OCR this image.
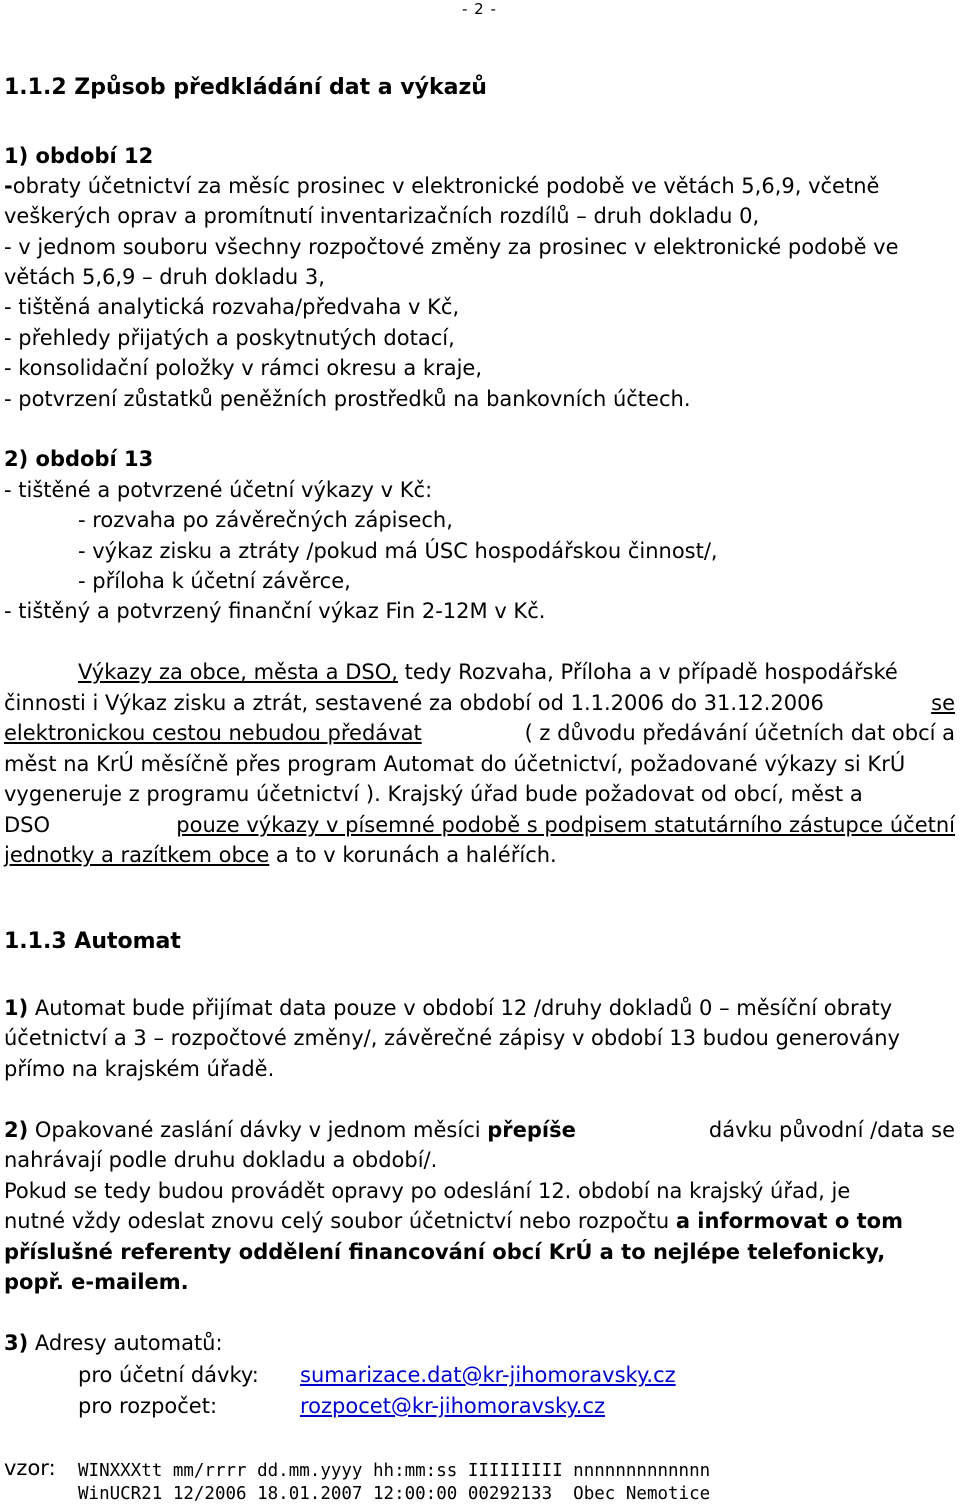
- 2 -
1.1.2 Způsob předkládání dat a výkazů
1) období 12
-obraty účetnictví za měsíc prosinec v elektronické podobě ve větách 5,6,9, včetně
veškerých oprav a promítnutí inventarizačních rozdílů – druh dokladu 0,
- v jednom souboru všechny rozpočtové změny za prosinec v elektronické podobě ve
větách 5,6,9 – druh dokladu 3,
- tištěná analytická rozvaha/předvaha v Kč,
- přehledy přijatých a poskytnutých dotací,
- konsolidační položky v rámci okresu a kraje,
- potvrzení zůstatků peněžních prostředků na bankovních účtech.
2) období 13
- tištěné a potvrzené účetní výkazy v Kč:
- rozvaha po závěrečných zápisech,
- výkaz zisku a ztráty /pokud má ÚSC hospodářskou činnost/,
- příloha k účetní závěrce,
- tištěný a potvrzený finanční výkaz Fin 2-12M v Kč.
Výkazy za obce, města a DSO, tedy Rozvaha, Příloha a v případě hospodářské
činnosti i Výkaz zisku a ztrát, sestavené za období od 1.1.2006 do 31.12.2006	se
elektronickou cestou nebudou předávat	( z důvodu předávání účetních dat obcí a
měst na KrÚ měsíčně přes program Automat do účetnictví, požadované výkazy si KrÚ
vygeneruje z programu účetnictví ). Krajský úřad bude požadovat od obcí, měst a
DSO	pouze výkazy v písemné podobě s podpisem statutárního zástupce účetní
jednotky a razítkem obce a to v korunách a haléřích.
1.1.3 Automat
1) Automat bude přijímat data pouze v období 12 /druhy dokladů 0 – měsíční obraty
účetnictví a 3 – rozpočtové změny/, závěrečné zápisy v období 13 budou generovány
přímo na krajském úřadě.
2) Opakované zaslání dávky v jednom měsíci přepíše	dávku původní /data se
nahrávají podle druhu dokladu a období/.
Pokud se tedy budou provádět opravy po odeslání 12. období na krajský úřad, je
nutné vždy odeslat znovu celý soubor účetnictví nebo rozpočtu a informovat o tom
příslušné referenty oddělení financování obcí KrÚ a to nejlépe telefonicky,
popř. e-mailem.
3) Adresy automatů:
pro účetní dávky: sumarizace.dat@kr-jihomoravsky.cz
pro rozpočet:	rozpocet@kr-jihomoravsky.cz
vzor: WINXXXtt mm/rrrr dd.mm.yyyy hh:mm:ss IIIIIIIII nnnnnnnnnnnnn
WinUCR21 12/2006 18.01.2007 12:00:00 00292133  Obec Nemotice
